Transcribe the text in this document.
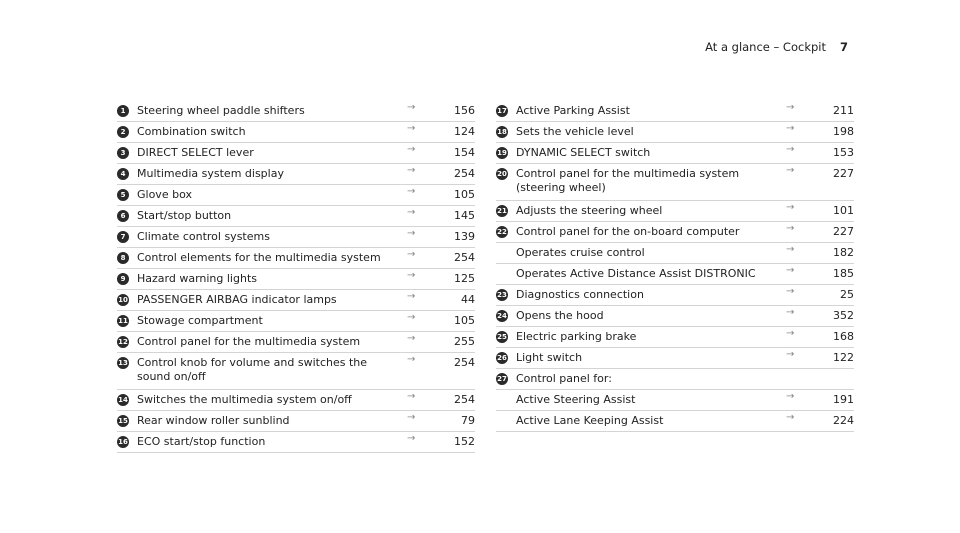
At a glance – Cockpit 7
1	Steering wheel paddle shifters	→	156
2	Combination switch	→	124
3	DIRECT SELECT lever	→	154
4	Multimedia system display	→	254
5	Glove box	→	105
6	Start/stop button	→	145
7	Climate control systems	→	139
8	Control elements for the multimedia system	→	254
9	Hazard warning lights	→	125
10 PASSENGER AIRBAG indicator lamps	→	44
11 Stowage compartment	→	105
12 Control panel for the multimedia system	→	255
13 Control knob for volume and switches the
sound on/off
→	254
14 Switches the multimedia system on/off	→	254
15 Rear window roller sunblind	→	79
16 ECO start/stop function	→	152
17 Active Parking Assist	→	211
18 Sets the vehicle level	→	198
19 DYNAMIC SELECT switch	→	153
20 Control panel for the multimedia system
(steering wheel)
→	227
21 Adjusts the steering wheel	→	101
22 Control panel for the on-board computer	→	227
Operates cruise control	→	182
Operates Active Distance Assist DISTRONIC	→	185
23 Diagnostics connection	→	25
24 Opens the hood	→	352
25 Electric parking brake	→	168
26 Light switch	→	122
27 Control panel for:
Active Steering Assist	→	191
Active Lane Keeping Assist	→	224
